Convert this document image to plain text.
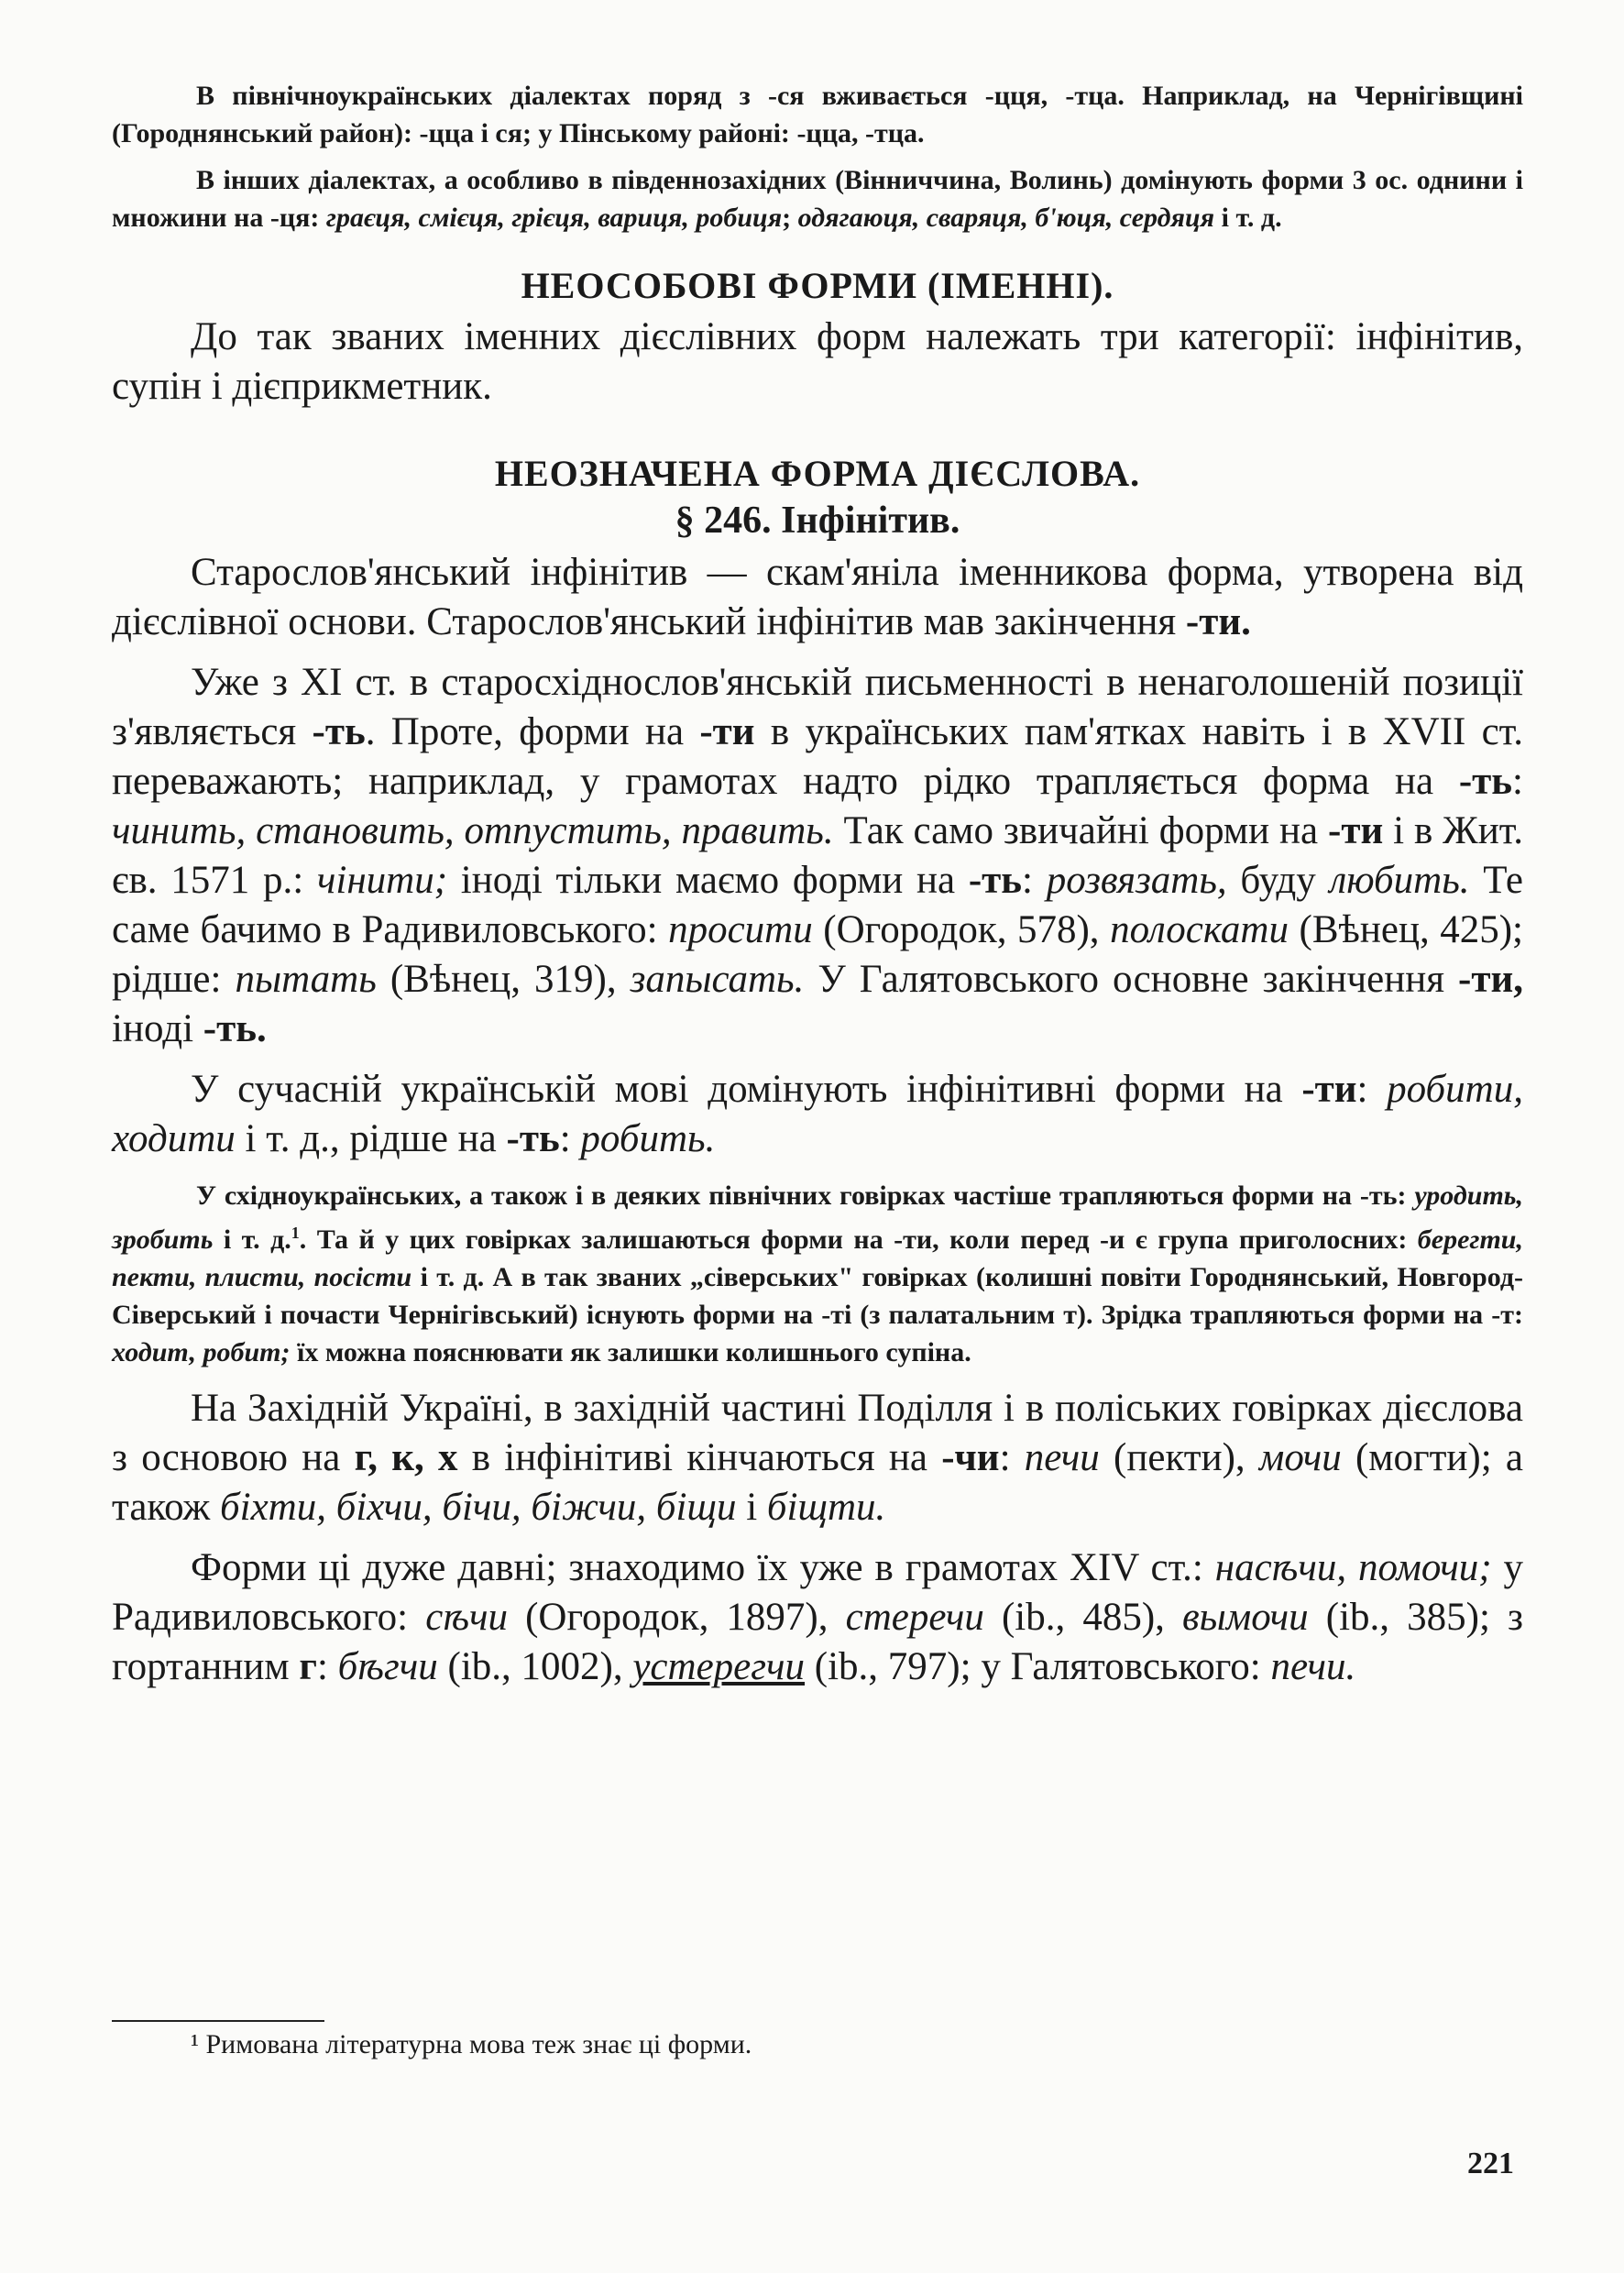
В північноукраїнських діалектах поряд з -ся вживається -цця, -тца. Наприклад, на Чернігівщині (Городнянський район): -цца і ся; у Пінському районі: -цца, -тца.

В інших діалектах, а особливо в південнозахідних (Вінниччина, Волинь) домінують форми 3 ос. однини і множини на -ця: граєця, смієця, грієця, вариця, робиця; одягаюця, сваряця, б'юця, сердяця і т. д.

НЕОСОБОВІ ФОРМИ (ІМЕННІ).

До так званих іменних дієслівних форм належать три категорії: інфінітив, супін і дієприкметник.

НЕОЗНАЧЕНА ФОРМА ДІЄСЛОВА.

§ 246. Інфінітив.

Старослов'янський інфінітив — скам'яніла іменникова форма, утворена від дієслівної основи. Старослов'янський інфінітив мав закінчення -ти.

Уже з XI ст. в старосхіднослов'янській письменності в ненаголошеній позиції з'являється -ть. Проте, форми на -ти в українських пам'ятках навіть і в XVII ст. переважають; наприклад, у грамотах надто рідко трапляється форма на -ть: чинить, становить, отпустить, править. Так само звичайні форми на -ти і в Жит. єв. 1571 р.: чінити; іноді тільки маємо форми на -ть: розвязать, буду любить. Те саме бачимо в Радивиловського: просити (Огородок, 578), полоскати (Вѣнец, 425); рідше: пытать (Вѣнец, 319), запысать. У Галятовського основне закінчення -ти, іноді -ть.

У сучасній українській мові домінують інфінітивні форми на -ти: робити, ходити і т. д., рідше на -ть: робить.

У східноукраїнських, а також і в деяких північних говірках частіше трапляються форми на -ть: уродить, зробить і т. д.$^1$. Та й у цих говірках залишаються форми на -ти, коли перед -и є група приголосних: берегти, пекти, плисти, посісти і т. д. А в так званих „сіверських" говірках (колишні повіти Городнянський, Новгород-Сіверський і почасти Чернігівський) існують форми на -ті (з палатальним т). Зрідка трапляються форми на -т: ходит, робит; їх можна пояснювати як залишки колишнього супіна.

На Західній Україні, в західній частині Поділля і в поліських говірках дієслова з основою на г, к, х в інфінітиві кінчаються на -чи: печи (пекти), мочи (могти); а також біхти, біхчи, бічи, біжчи, біщи і біщти.

Форми ці дуже давні; знаходимо їх уже в грамотах XIV ст.: насѣчи, помочи; у Радивиловського: сѣчи (Огородок, 1897), стеречи (ib., 485), вымочи (ib., 385); з гортанним г: бѣгчи (ib., 1002), устерегчи (ib., 797); у Галятовського: печи.

¹ Римована літературна мова теж знає ці форми.

221
